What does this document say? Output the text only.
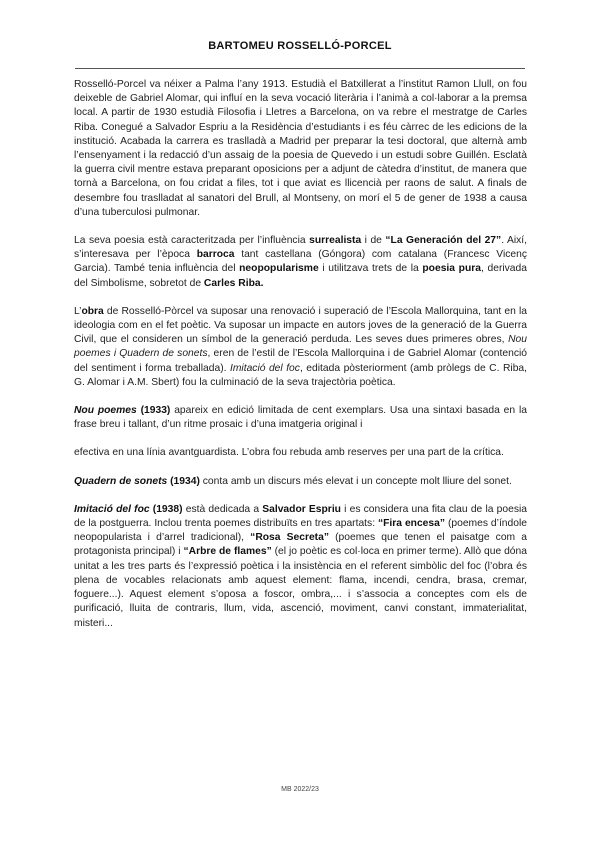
BARTOMEU ROSSELLÓ-PORCEL

Rosselló-Porcel va néixer a Palma l’any 1913. Estudià el Batxillerat a l’institut Ramon Llull, on fou deixeble de Gabriel Alomar, qui influí en la seva vocació literària i l’animà a col·laborar a la premsa local. A partir de 1930 estudià Filosofia i Lletres a Barcelona, on va rebre el mestratge de Carles Riba. Conegué a Salvador Espriu a la Residència d’estudiants i es féu càrrec de les edicions de la institució. Acabada la carrera es traslladà a Madrid per preparar la tesi doctoral, que alternà amb l’ensenyament i la redacció d’un assaig de la poesia de Quevedo i un estudi sobre Guillén. Esclatà la guerra civil mentre estava preparant oposicions per a adjunt de càtedra d’institut, de manera que tornà a Barcelona, on fou cridat a files, tot i que aviat es llicencià per raons de salut. A finals de desembre fou traslladat al sanatori del Brull, al Montseny, on morí el 5 de gener de 1938 a causa d’una tuberculosi pulmonar.

La seva poesia està caracteritzada per l’influència surrealista i de “La Generación del 27”. Així, s’interesava per l’època barroca tant castellana (Góngora) com catalana (Francesc Vicenç Garcia). També tenia influència del neopopularisme i utilitzava trets de la poesia pura, derivada del Simbolisme, sobretot de Carles Riba.

L’obra de Rosselló-Pòrcel va suposar una renovació i superació de l’Escola Mallorquina, tant en la ideologia com en el fet poètic. Va suposar un impacte en autors joves de la generació de la Guerra Civil, que el consideren un símbol de la generació perduda. Les seves dues primeres obres, Nou poemes i Quadern de sonets, eren de l’estil de l’Escola Mallorquina i de Gabriel Alomar (contenció del sentiment i forma treballada). Imitació del foc, editada pòsteriorment (amb pròlegs de C. Riba, G. Alomar i A.M. Sbert) fou la culminació de la seva trajectòria poètica.

Nou poemes (1933) apareix en edició limitada de cent exemplars. Usa una sintaxi basada en la frase breu i tallant, d’un ritme prosaic i d’una imatgeria original i

efectiva en una línia avantguardista. L’obra fou rebuda amb reserves per una part de la crítica.

Quadern de sonets (1934) conta amb un discurs més elevat i un concepte molt lliure del sonet.

Imitació del foc (1938) està dedicada a Salvador Espriu i es considera una fita clau de la poesia de la postguerra. Inclou trenta poemes distribuïts en tres apartats: “Fira encesa” (poemes d’índole neopopularista i d’arrel tradicional), “Rosa Secreta” (poemes que tenen el paisatge com a protagonista principal) i “Arbre de flames” (el jo poètic es col·loca en primer terme). Allò que dóna unitat a les tres parts és l’expressió poètica i la insistència en el referent simbòlic del foc (l’obra és plena de vocables relacionats amb aquest element: flama, incendi, cendra, brasa, cremar, foguere...). Aquest element s’oposa a foscor, ombra,... i s’associa a conceptes com els de purificació, lluita de contraris, llum, vida, ascenció, moviment, canvi constant, immaterialitat, misteri...

MB 2022/23
